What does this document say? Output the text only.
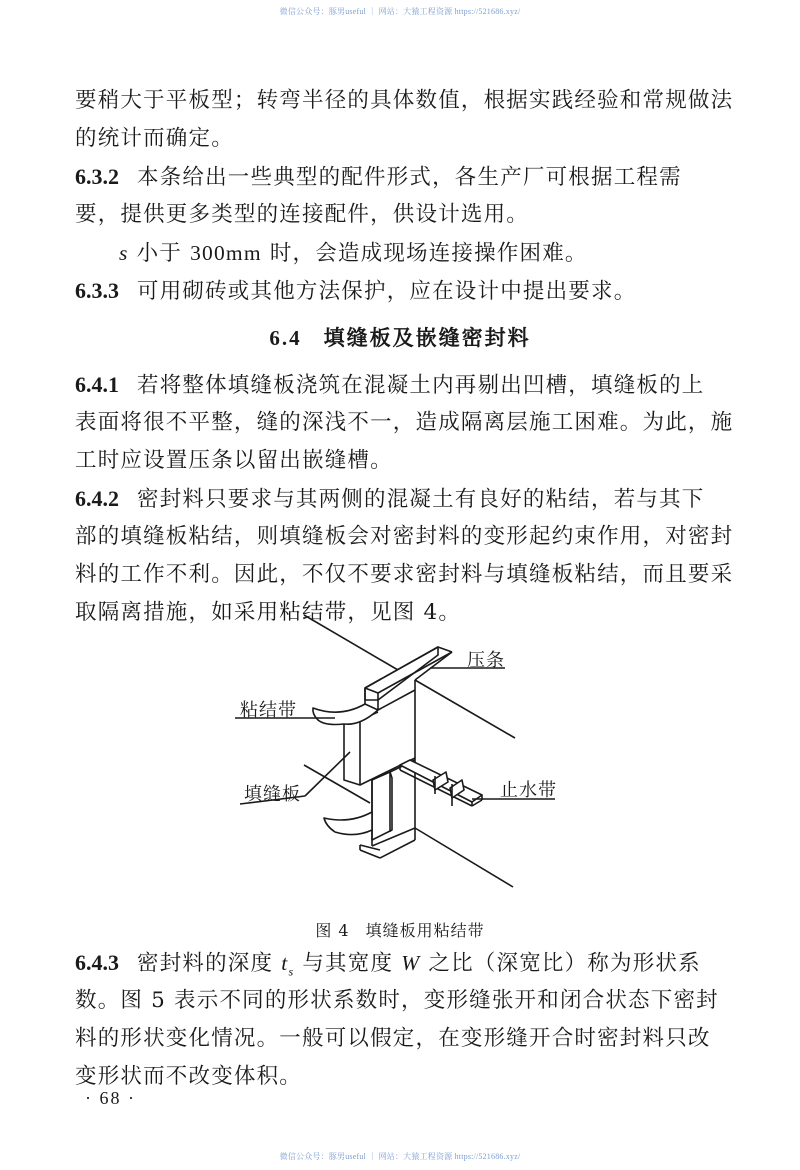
微信公众号：豚男useful ｜ 网站：大猿工程资源 https://521686.xyz/
要稍大于平板型；转弯半径的具体数值，根据实践经验和常规做法
的统计而确定。
6.3.2 本条给出一些典型的配件形式，各生产厂可根据工程需
要，提供更多类型的连接配件，供设计选用。
s 小于 300mm 时，会造成现场连接操作困难。
6.3.3 可用砌砖或其他方法保护，应在设计中提出要求。
6.4 填缝板及嵌缝密封料
6.4.1 若将整体填缝板浇筑在混凝土内再剔出凹槽，填缝板的上
表面将很不平整，缝的深浅不一，造成隔离层施工困难。为此，施
工时应设置压条以留出嵌缝槽。
6.4.2 密封料只要求与其两侧的混凝土有良好的粘结，若与其下
部的填缝板粘结，则填缝板会对密封料的变形起约束作用，对密封
料的工作不利。因此，不仅不要求密封料与填缝板粘结，而且要采
取隔离措施，如采用粘结带，见图 4。
图 4 填缝板用粘结带
6.4.3 密封料的深度 $t_s$ 与其宽度 W 之比（深宽比）称为形状系
数。图 5 表示不同的形状系数时，变形缝张开和闭合状态下密封
料的形状变化情况。一般可以假定，在变形缝开合时密封料只改
变形状而不改变体积。
· 68 ·
压条
粘结带
填缝板	止水带
微信公众号：豚男useful ｜ 网站：大猿工程资源 https://521686.xyz/
